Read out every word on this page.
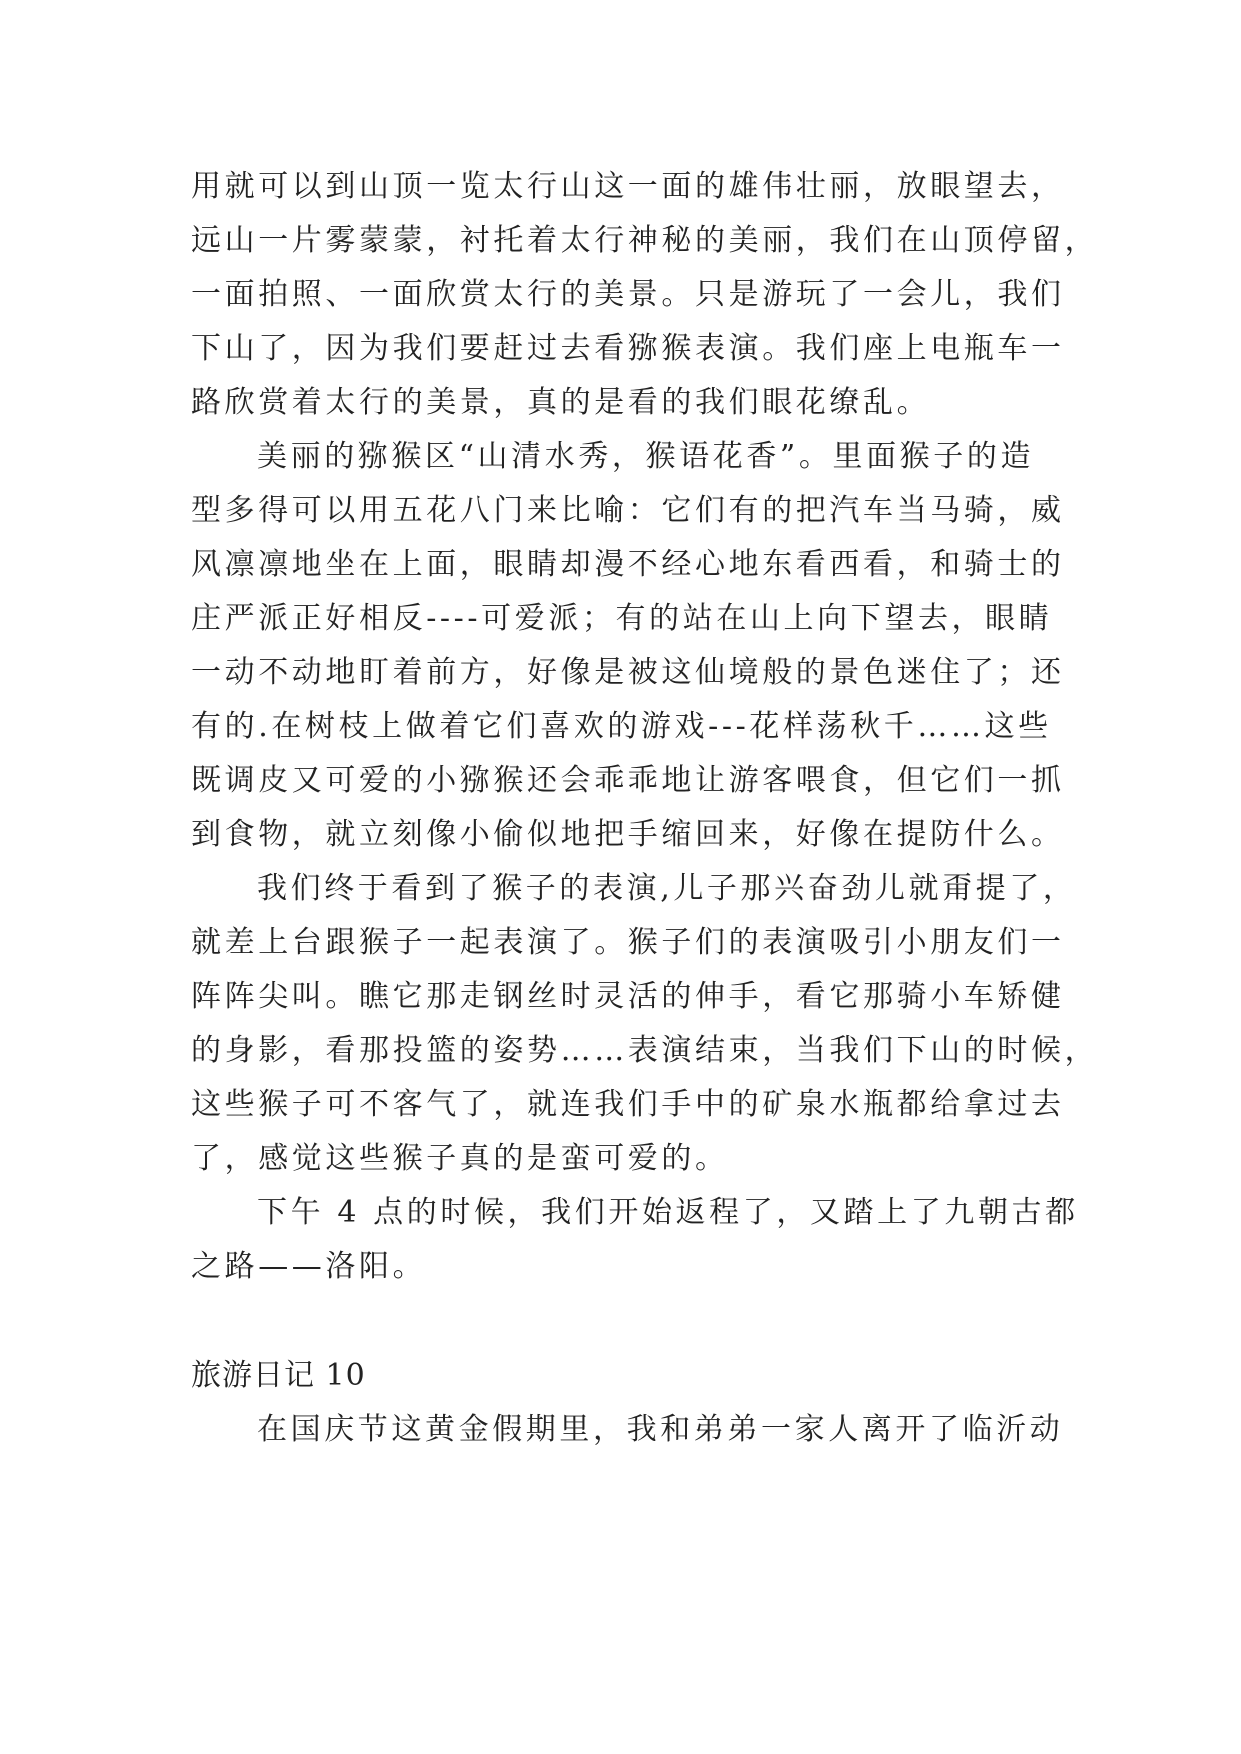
用就可以到山顶一览太行山这一面的雄伟壮丽，放眼望去，
远山一片雾蒙蒙，衬托着太行神秘的美丽，我们在山顶停留，
一面拍照、一面欣赏太行的美景。只是游玩了一会儿，我们
下山了，因为我们要赶过去看猕猴表演。我们座上电瓶车一
路欣赏着太行的美景，真的是看的我们眼花缭乱。
美丽的猕猴区“山清水秀，猴语花香”。里面猴子的造
型多得可以用五花八门来比喻：它们有的把汽车当马骑，威
风凛凛地坐在上面，眼睛却漫不经心地东看西看，和骑士的
庄严派正好相反----可爱派；有的站在山上向下望去，眼睛
一动不动地盯着前方，好像是被这仙境般的景色迷住了；还
有的.在树枝上做着它们喜欢的游戏---花样荡秋千……这些
既调皮又可爱的小猕猴还会乖乖地让游客喂食，但它们一抓
到食物，就立刻像小偷似地把手缩回来，好像在提防什么。
我们终于看到了猴子的表演,儿子那兴奋劲儿就甭提了，
就差上台跟猴子一起表演了。猴子们的表演吸引小朋友们一
阵阵尖叫。瞧它那走钢丝时灵活的伸手，看它那骑小车矫健
的身影，看那投篮的姿势……表演结束，当我们下山的时候，
这些猴子可不客气了，就连我们手中的矿泉水瓶都给拿过去
了，感觉这些猴子真的是蛮可爱的。
下午 4 点的时候，我们开始返程了，又踏上了九朝古都
之路——洛阳。
旅游日记 10
在国庆节这黄金假期里，我和弟弟一家人离开了临沂动
